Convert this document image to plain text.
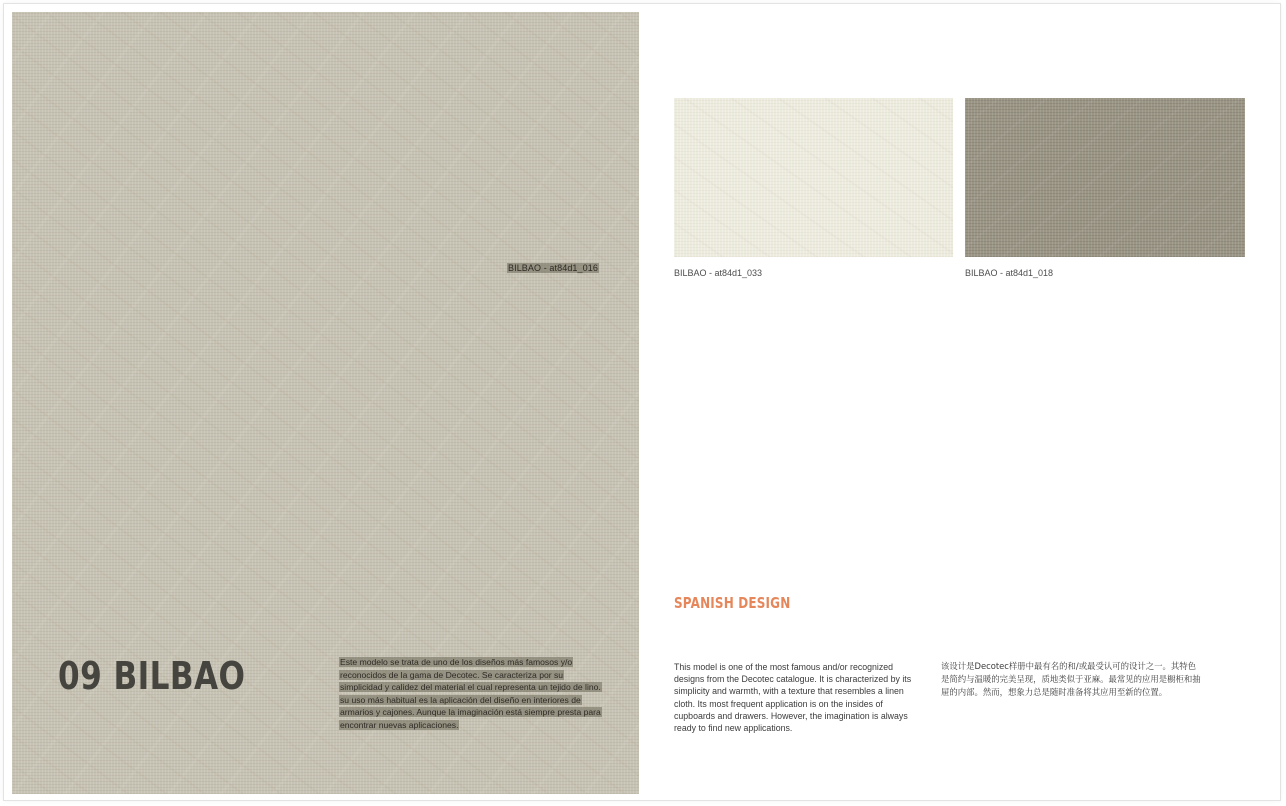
BILBAO - at84d1_016
09 BILBAO	Este modelo se trata de uno de los diseños más famosos y/o reconocidos de la gama de Decotec. Se caracteriza por su simplicidad y calidez del material el cual representa un tejido de lino. su uso más habitual es la aplicación del diseño en interiores de armarios y cajones. Aunque la imaginación está siempre presta para encontrar nuevas aplicaciones.
BILBAO - at84d1_033	BILBAO - at84d1_018
SPANISH DESIGN
This model is one of the most famous and/or recognized designs from the Decotec catalogue. It is characterized by its simplicity and warmth, with a texture that resembles a linen cloth. Its most frequent application is on the insides of cupboards and drawers. However, the imagination is always ready to find new applications.
该设计是Decotec样册中最有名的和/或最受认可的设计之一。其特色是简约与温暖的完美呈现，质地类似于亚麻。最常见的应用是橱柜和抽屉的内部。然而，想象力总是随时准备将其应用至新的位置。
